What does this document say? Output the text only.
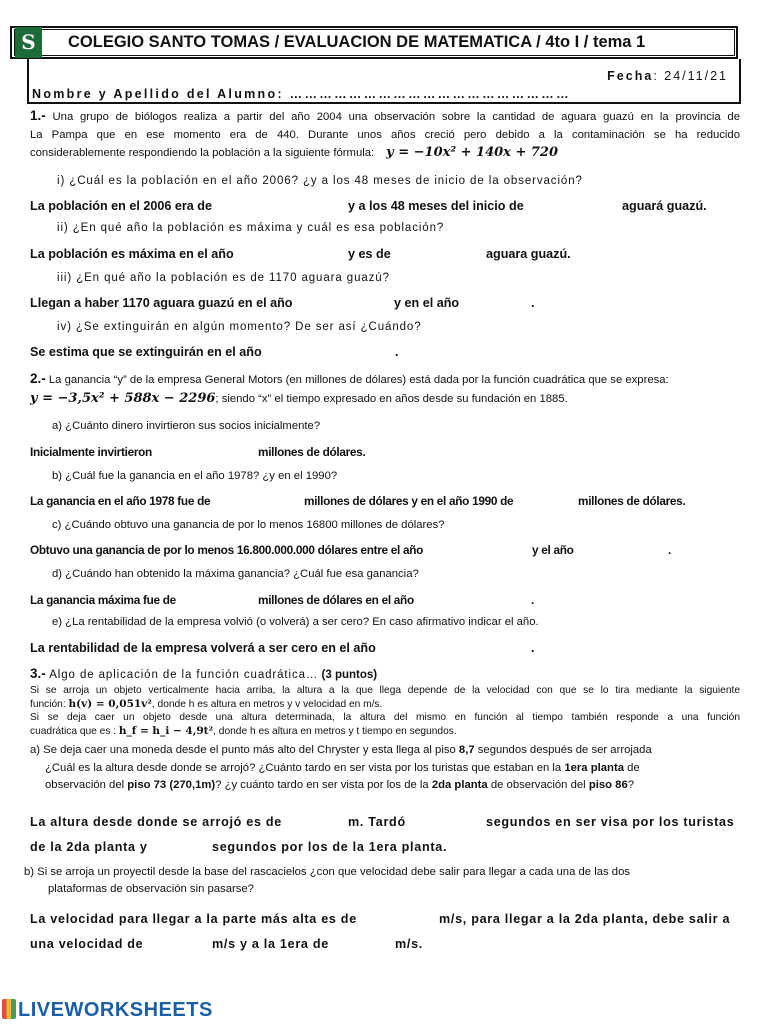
S	COLEGIO SANTO TOMAS / EVALUACION DE MATEMATICA / 4to I / tema 1
Fecha: 24/11/21
Nombre y Apellido del Alumno: …………………………………………………
1.- Una grupo de biólogos realiza a partir del año 2004 una observación sobre la cantidad de aguara guazú en la provincia de
La Pampa que en ese momento era de 440. Durante unos años creció pero debido a la contaminación se ha reducido
considerablemente respondiendo la población a la siguiente fórmula: y = −10x² + 140x + 720
i) ¿Cuál es la población en el año 2006? ¿y a los 48 meses de inicio de la observación?
La población en el 2006 era de	y a los 48 meses del inicio de	aguará guazú.
ii) ¿En qué año la población es máxima y cuál es esa población?
La población es máxima en el año	y es de	aguara guazú.
iii) ¿En qué año la población es de 1170 aguara guazú?
Llegan a haber 1170 aguara guazú en el año	y en el año	.
iv) ¿Se extinguirán en algún momento? De ser así ¿Cuándo?
Se estima que se extinguirán en el año	.
2.- La ganancia “y” de la empresa General Motors (en millones de dólares) está dada por la función cuadrática que se expresa:
y = −3,5x² + 588x − 2296; siendo “x” el tiempo expresado en años desde su fundación en 1885.
a) ¿Cuánto dinero invirtieron sus socios inicialmente?
Inicialmente invirtieron	millones de dólares.
b) ¿Cuál fue la ganancia en el año 1978? ¿y en el 1990?
La ganancia en el año 1978 fue de	millones de dólares y en el año 1990 de	millones de dólares.
c) ¿Cuándo obtuvo una ganancia de por lo menos 16800 millones de dólares?
Obtuvo una ganancia de por lo menos 16.800.000.000 dólares entre el año	y el año	.
d) ¿Cuándo han obtenido la máxima ganancia? ¿Cuál fue esa ganancia?
La ganancia máxima fue de	millones de dólares en el año	.
e) ¿La rentabilidad de la empresa volvió (o volverá) a ser cero? En caso afirmativo indicar el año.
La rentabilidad de la empresa volverá a ser cero en el año	.
3.- Algo de aplicación de la función cuadrática… (3 puntos)
Si se arroja un objeto verticalmente hacia arriba, la altura a la que llega depende de la velocidad con que se lo tira mediante la siguiente
función: h(v) = 0,051v², donde h es altura en metros y v velocidad en m/s.
Si se deja caer un objeto desde una altura determinada, la altura del mismo en función al tiempo también responde a una función
cuadrática que es : h_f = h_i − 4,9t², donde h es altura en metros y t tiempo en segundos.
a) Se deja caer una moneda desde el punto más alto del Chryster y esta llega al piso 8,7 segundos después de ser arrojada
¿Cuál es la altura desde donde se arrojó? ¿Cuánto tardo en ser vista por los turistas que estaban en la 1era planta de
observación del piso 73 (270,1m)? ¿y cuánto tardo en ser vista por los de la 2da planta de observación del piso 86?
La altura desde donde se arrojó es de	m. Tardó	segundos en ser visa por los turistas
de la 2da planta y	segundos por los de la 1era planta.
b) Si se arroja un proyectil desde la base del rascacielos ¿con que velocidad debe salir para llegar a cada una de las dos
plataformas de observación sin pasarse?
La velocidad para llegar a la parte más alta es de	m/s, para llegar a la 2da planta, debe salir a
una velocidad de	m/s y a la 1era de	m/s.
LIVEWORKSHEETS
